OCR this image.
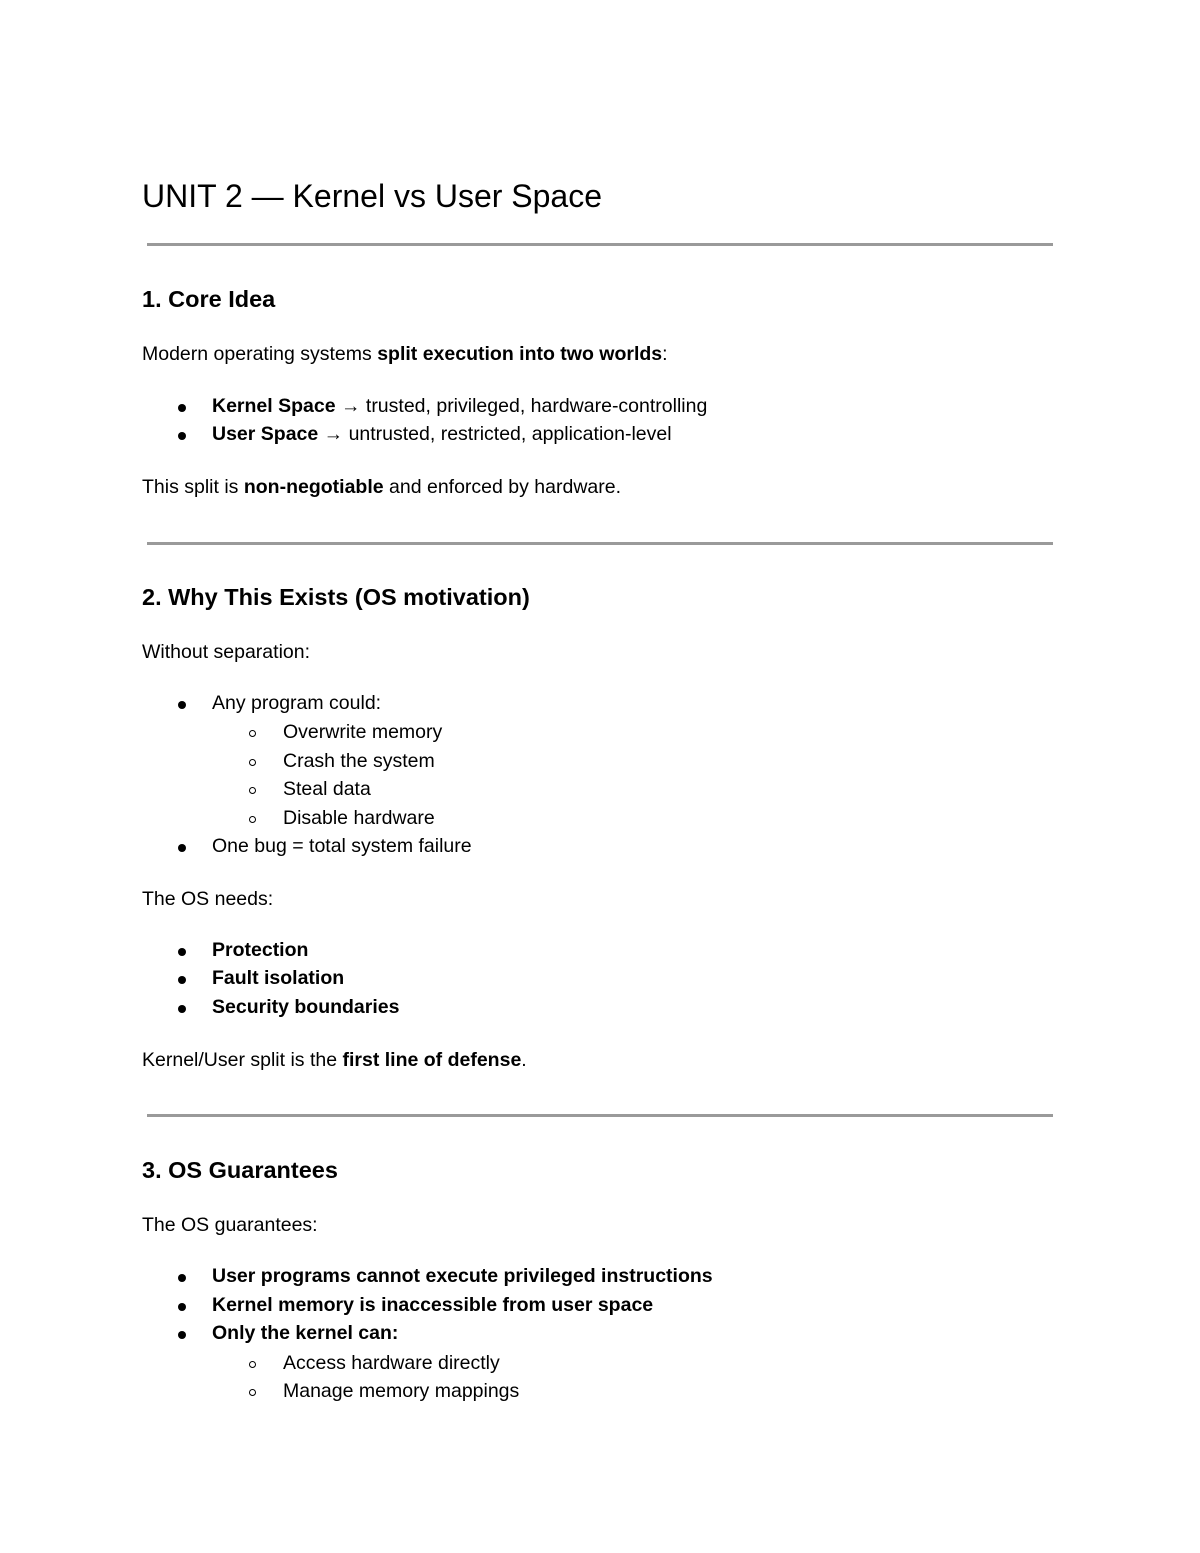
UNIT 2 — Kernel vs User Space
1. Core Idea

Modern operating systems split execution into two worlds:

Kernel Space → trusted, privileged, hardware-controlling
User Space → untrusted, restricted, application-level

This split is non-negotiable and enforced by hardware.

2. Why This Exists (OS motivation)

Without separation:

Any program could:
Overwrite memory
Crash the system
Steal data
Disable hardware
One bug = total system failure

The OS needs:

Protection
Fault isolation
Security boundaries

Kernel/User split is the first line of defense.

3. OS Guarantees

The OS guarantees:

User programs cannot execute privileged instructions
Kernel memory is inaccessible from user space
Only the kernel can:
Access hardware directly
Manage memory mappings
